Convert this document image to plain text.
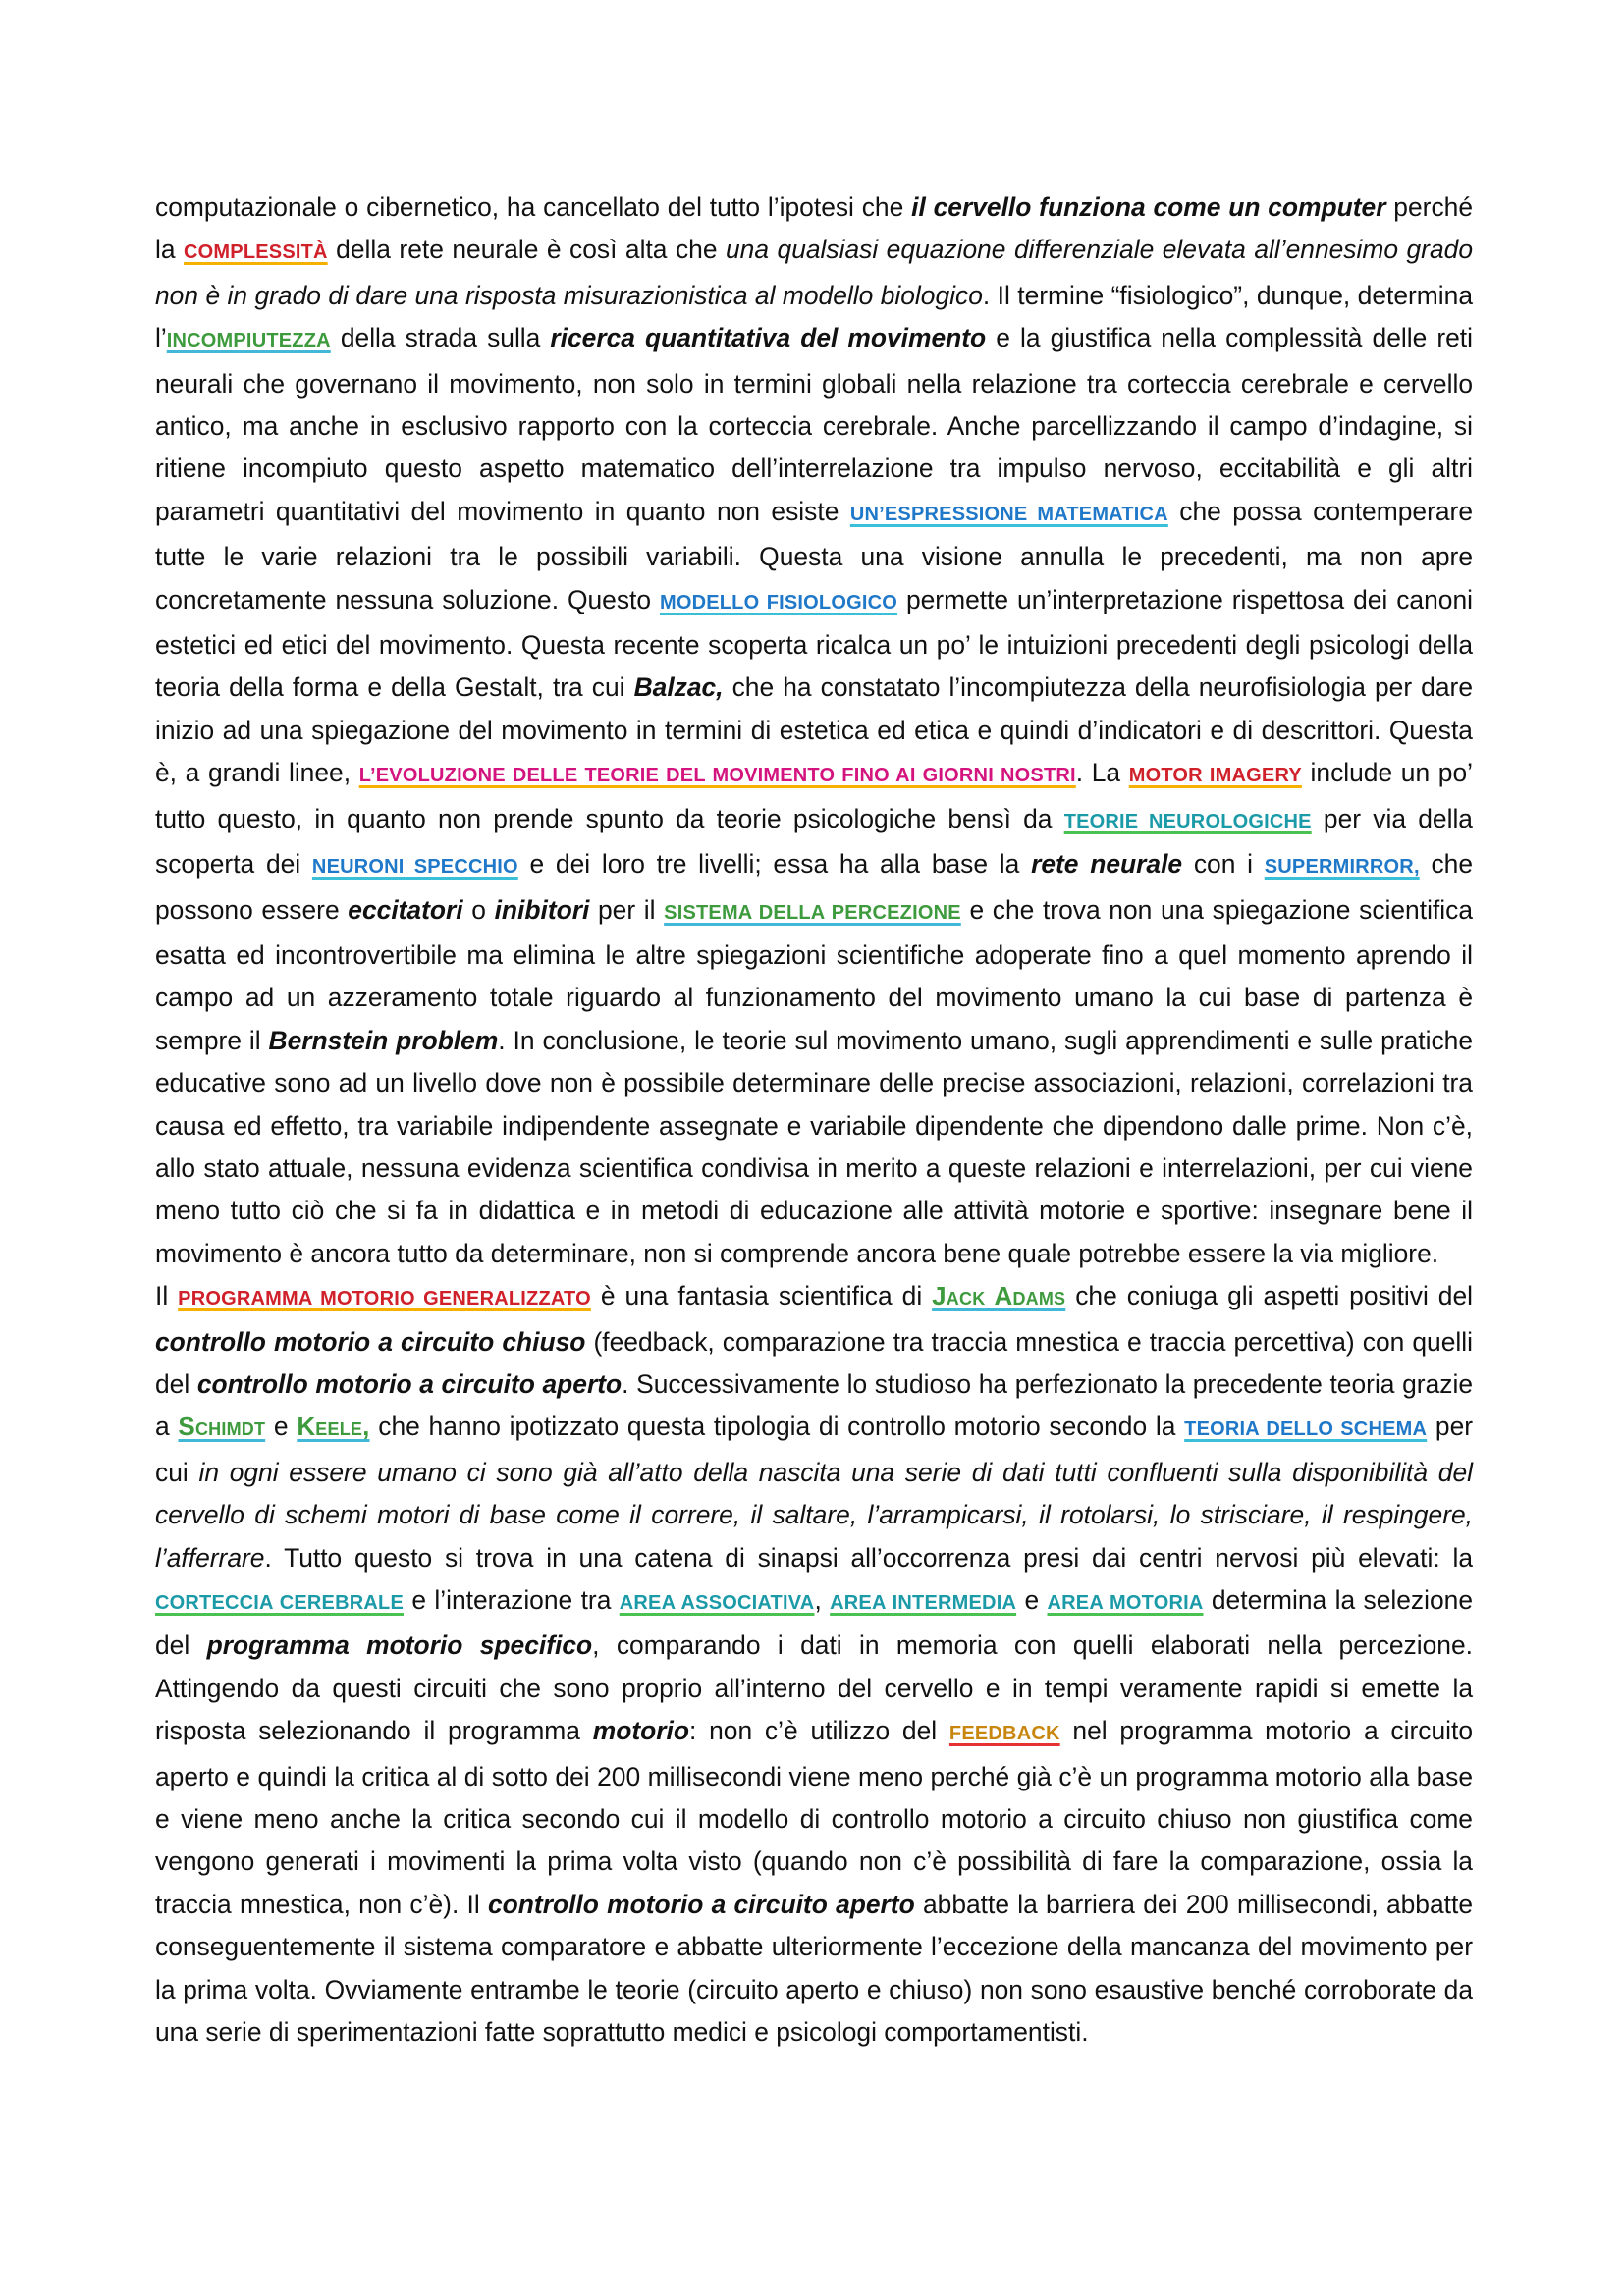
computazionale o cibernetico, ha cancellato del tutto l’ipotesi che il cervello funziona come un computer perché la COMPLESSITÀ della rete neurale è così alta che una qualsiasi equazione differenziale elevata all’ennesimo grado non è in grado di dare una risposta misurazionistica al modello biologico. Il termine “fisiologico”, dunque, determina l’INCOMPIUTEZZA della strada sulla ricerca quantitativa del movimento e la giustifica nella complessità delle reti neurali che governano il movimento, non solo in termini globali nella relazione tra corteccia cerebrale e cervello antico, ma anche in esclusivo rapporto con la corteccia cerebrale. Anche parcellizzando il campo d’indagine, si ritiene incompiuto questo aspetto matematico dell’interrelazione tra impulso nervoso, eccitabilità e gli altri parametri quantitativi del movimento in quanto non esiste UN’ESPRESSIONE MATEMATICA che possa contemperare tutte le varie relazioni tra le possibili variabili. Questa una visione annulla le precedenti, ma non apre concretamente nessuna soluzione. Questo MODELLO FISIOLOGICO permette un’interpretazione rispettosa dei canoni estetici ed etici del movimento. Questa recente scoperta ricalca un po’ le intuizioni precedenti degli psicologi della teoria della forma e della Gestalt, tra cui Balzac, che ha constatato l’incompiutezza della neurofisiologia per dare inizio ad una spiegazione del movimento in termini di estetica ed etica e quindi d’indicatori e di descrittori. Questa è, a grandi linee, L’EVOLUZIONE DELLE TEORIE DEL MOVIMENTO FINO AI GIORNI NOSTRI. La MOTOR IMAGERY include un po’ tutto questo, in quanto non prende spunto da teorie psicologiche bensì da TEORIE NEUROLOGICHE per via della scoperta dei NEURONI SPECCHIO e dei loro tre livelli; essa ha alla base la rete neurale con i SUPERMIRROR, che possono essere eccitatori o inibitori per il SISTEMA DELLA PERCEZIONE e che trova non una spiegazione scientifica esatta ed incontrovertibile ma elimina le altre spiegazioni scientifiche adoperate fino a quel momento aprendo il campo ad un azzeramento totale riguardo al funzionamento del movimento umano la cui base di partenza è sempre il Bernstein problem. In conclusione, le teorie sul movimento umano, sugli apprendimenti e sulle pratiche educative sono ad un livello dove non è possibile determinare delle precise associazioni, relazioni, correlazioni tra causa ed effetto, tra variabile indipendente assegnate e variabile dipendente che dipendono dalle prime. Non c’è, allo stato attuale, nessuna evidenza scientifica condivisa in merito a queste relazioni e interrelazioni, per cui viene meno tutto ciò che si fa in didattica e in metodi di educazione alle attività motorie e sportive: insegnare bene il movimento è ancora tutto da determinare, non si comprende ancora bene quale potrebbe essere la via migliore.

Il PROGRAMMA MOTORIO GENERALIZZATO è una fantasia scientifica di Jack Adams che coniuga gli aspetti positivi del controllo motorio a circuito chiuso (feedback, comparazione tra traccia mnestica e traccia percettiva) con quelli del controllo motorio a circuito aperto. Successivamente lo studioso ha perfezionato la precedente teoria grazie a Schimdt e Keele, che hanno ipotizzato questa tipologia di controllo motorio secondo la TEORIA DELLO SCHEMA per cui in ogni essere umano ci sono già all’atto della nascita una serie di dati tutti confluenti sulla disponibilità del cervello di schemi motori di base come il correre, il saltare, l’arrampicarsi, il rotolarsi, lo strisciare, il respingere, l’afferrare. Tutto questo si trova in una catena di sinapsi all’occorrenza presi dai centri nervosi più elevati: la CORTECCIA CEREBRALE e l’interazione tra AREA ASSOCIATIVA, AREA INTERMEDIA e AREA MOTORIA determina la selezione del programma motorio specifico, comparando i dati in memoria con quelli elaborati nella percezione. Attingendo da questi circuiti che sono proprio all’interno del cervello e in tempi veramente rapidi si emette la risposta selezionando il programma motorio: non c’è utilizzo del FEEDBACK nel programma motorio a circuito aperto e quindi la critica al di sotto dei 200 millisecondi viene meno perché già c’è un programma motorio alla base e viene meno anche la critica secondo cui il modello di controllo motorio a circuito chiuso non giustifica come vengono generati i movimenti la prima volta visto (quando non c’è possibilità di fare la comparazione, ossia la traccia mnestica, non c’è). Il controllo motorio a circuito aperto abbatte la barriera dei 200 millisecondi, abbatte conseguentemente il sistema comparatore e abbatte ulteriormente l’eccezione della mancanza del movimento per la prima volta. Ovviamente entrambe le teorie (circuito aperto e chiuso) non sono esaustive benché corroborate da una serie di sperimentazioni fatte soprattutto medici e psicologi comportamentisti.
